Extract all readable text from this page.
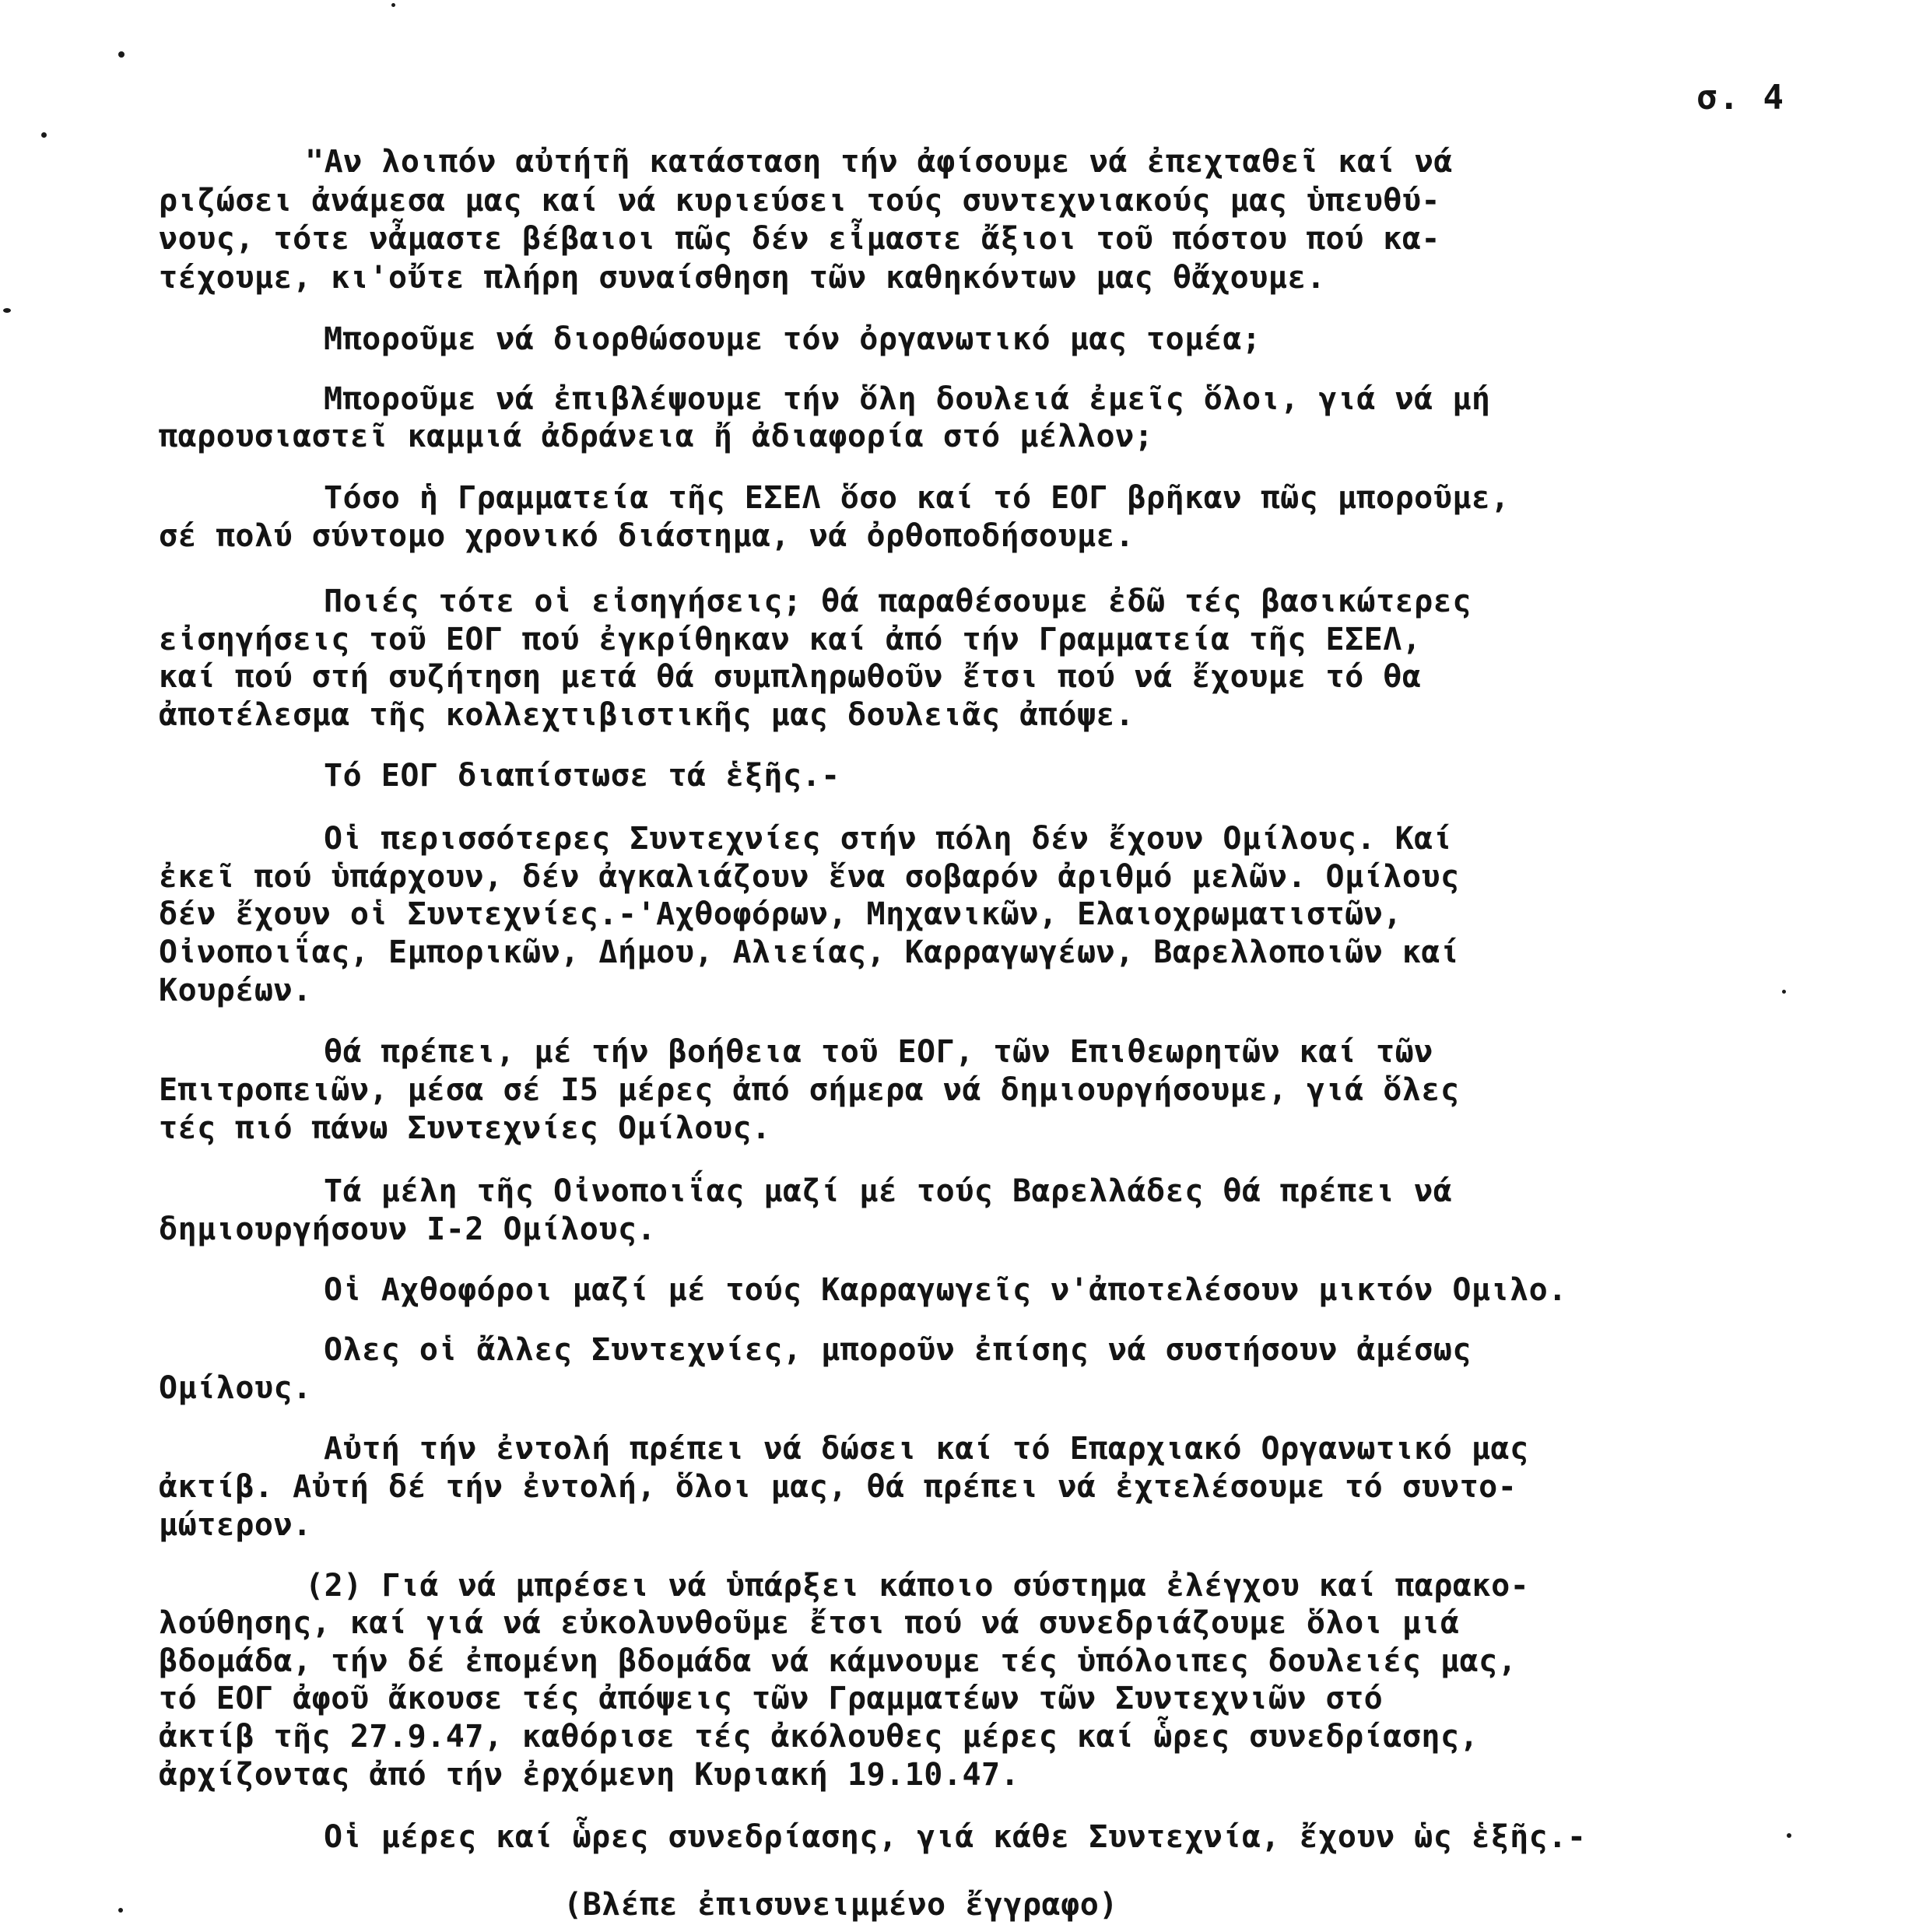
σ. 4
"Αν λοιπόν αὐτήτῆ κατάσταση τήν ἀφίσουμε νά ἐπεχταθεῖ καί νά
ριζώσει ἀνάμεσα μας καί νά κυριεύσει τούς συντεχνιακούς μας ὑπευθύ-
νους, τότε νἆμαστε βέβαιοι πῶς δέν εἶμαστε ἄξιοι τοῦ πόστου πού κα-
τέχουμε, κι'οὔτε πλήρη συναίσθηση τῶν καθηκόντων μας θἄχουμε.
Μποροῦμε νά διορθώσουμε τόν ὀργανωτικό μας τομέα;
Μποροῦμε νά ἐπιβλέψουμε τήν ὅλη δουλειά ἐμεῖς ὅλοι, γιά νά μή
παρουσιαστεῖ καμμιά ἀδράνεια ἤ ἀδιαφορία στό μέλλον;
Τόσο ἡ Γραμματεία τῆς ΕΣΕΛ ὅσο καί τό ΕΟΓ βρῆκαν πῶς μποροῦμε,
σέ πολύ σύντομο χρονικό διάστημα, νά ὀρθοποδήσουμε.
Ποιές τότε οἱ εἰσηγήσεις; θά παραθέσουμε ἐδῶ τές βασικώτερες
εἰσηγήσεις τοῦ ΕΟΓ πού ἐγκρίθηκαν καί ἀπό τήν Γραμματεία τῆς ΕΣΕΛ,
καί πού στή συζήτηση μετά θά συμπληρωθοῦν ἔτσι πού νά ἔχουμε τό θα
ἀποτέλεσμα τῆς κολλεχτιβιστικῆς μας δουλειᾶς ἀπόψε.
Τό ΕΟΓ διαπίστωσε τά ἑξῆς.-
Οἱ περισσότερες Συντεχνίες στήν πόλη δέν ἔχουν Ομίλους. Καί
ἐκεῖ πού ὑπάρχουν, δέν ἀγκαλιάζουν ἕνα σοβαρόν ἀριθμό μελῶν. Ομίλους
δέν ἔχουν οἱ Συντεχνίες.-'Αχθοφόρων, Μηχανικῶν, Ελαιοχρωματιστῶν,
Οἰνοποιΐας, Εμπορικῶν, Δήμου, Αλιείας, Καρραγωγέων, Βαρελλοποιῶν καί
Κουρέων.
θά πρέπει, μέ τήν βοήθεια τοῦ ΕΟΓ, τῶν Επιθεωρητῶν καί τῶν
Επιτροπειῶν, μέσα σέ Ι5 μέρες ἀπό σήμερα νά δημιουργήσουμε, γιά ὅλες
τές πιό πάνω Συντεχνίες Ομίλους.
Τά μέλη τῆς Οἰνοποιΐας μαζί μέ τούς Βαρελλάδες θά πρέπει νά
δημιουργήσουν Ι-2 Ομίλους.
Οἱ Αχθοφόροι μαζί μέ τούς Καρραγωγεῖς ν'ἀποτελέσουν μικτόν Ομιλο.
Ολες οἱ ἄλλες Συντεχνίες, μποροῦν ἐπίσης νά συστήσουν ἀμέσως
Ομίλους.
Αὐτή τήν ἐντολή πρέπει νά δώσει καί τό Επαρχιακό Οργανωτικό μας
ἀκτίβ. Αὐτή δέ τήν ἐντολή, ὅλοι μας, θά πρέπει νά ἐχτελέσουμε τό συντο-
μώτερον.
(2) Γιά νά μπρέσει νά ὑπάρξει κάποιο σύστημα ἐλέγχου καί παρακο-
λούθησης, καί γιά νά εὐκολυνθοῦμε ἔτσι πού νά συνεδριάζουμε ὅλοι μιά
βδομάδα, τήν δέ ἐπομένη βδομάδα νά κάμνουμε τές ὑπόλοιπες δουλειές μας,
τό ΕΟΓ ἀφοῦ ἄκουσε τές ἀπόψεις τῶν Γραμματέων τῶν Συντεχνιῶν στό
ἀκτίβ τῆς 27.9.47, καθόρισε τές ἀκόλουθες μέρες καί ὧρες συνεδρίασης,
ἀρχίζοντας ἀπό τήν ἐρχόμενη Κυριακή 19.10.47.
Οἱ μέρες καί ὧρες συνεδρίασης, γιά κάθε Συντεχνία, ἔχουν ὡς ἑξῆς.-
(Βλέπε ἐπισυνειμμένο ἔγγραφο)
